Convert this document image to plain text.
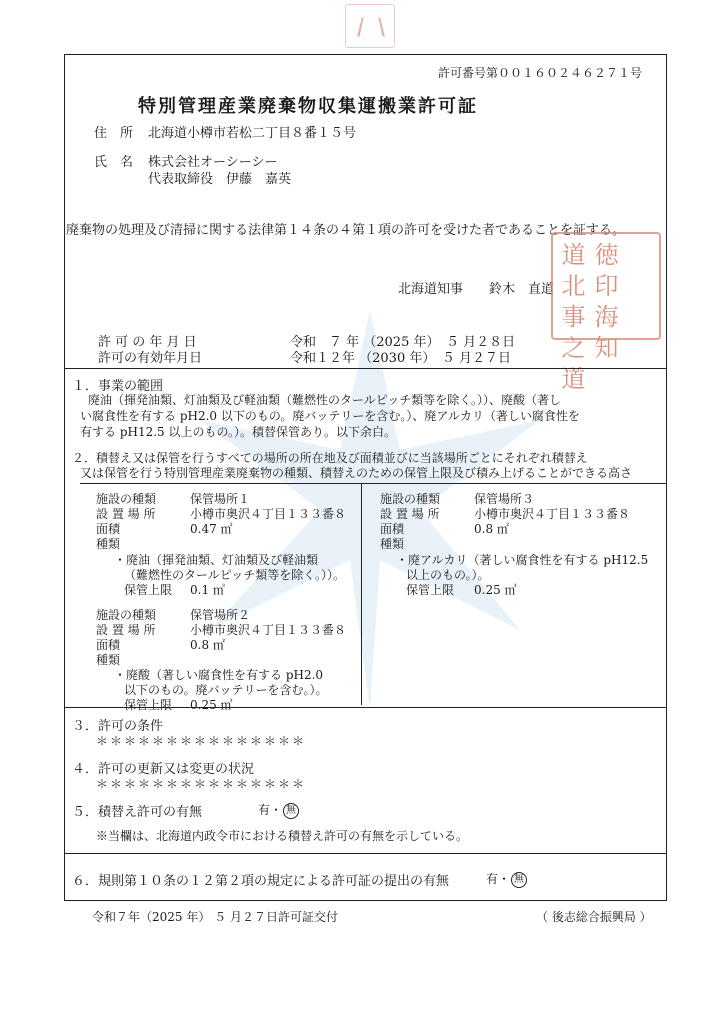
許可番号第００１６０２４６２７１号
特別管理産業廃棄物収集運搬業許可証
住　所 北海道小樽市若松二丁目８番１５号
氏　名 株式会社オーシーシー
代表取締役　伊藤　嘉英
廃棄物の処理及び清掃に関する法律第１４条の４第１項の許可を受けた者であることを証する。
北海道知事　　鈴木　直道
道 徳
北 印
事 海
之 知
道
許 可 の 年 月 日	令和　７ 年 （2025 年）　５ 月２８日
許可の有効年月日	令和１２年 （2030 年）　５ 月２７日
１．事業の範囲
廃油（揮発油類、灯油類及び軽油類（難燃性のタールピッチ類等を除く。））、廃酸（著し
い腐食性を有する pH2.0 以下のもの。廃バッテリーを含む。）、廃アルカリ（著しい腐食性を
有する pH12.5 以上のもの。）。積替保管あり。以下余白。
２．積替え又は保管を行うすべての場所の所在地及び面積並びに当該場所ごとにそれぞれ積替え
又は保管を行う特別管理産業廃棄物の種類、積替えのための保管上限及び積み上げることができる高さ
施設の種類	保管場所１
設 置 場 所	小樽市奥沢４丁目１３３番８
面積	0.47 ㎡
種類
・廃油（揮発油類、灯油類及び軽油類
（難燃性のタールピッチ類等を除く。））。
保管上限 0.1 ㎥
施設の種類	保管場所２
設 置 場 所	小樽市奥沢４丁目１３３番８
面積	0.8 ㎡
種類
・廃酸（著しい腐食性を有する pH2.0
以下のもの。廃バッテリーを含む。）。
保管上限 0.25 ㎥
施設の種類	保管場所３
設 置 場 所	小樽市奥沢４丁目１３３番８
面積	0.8 ㎡
種類
・廃アルカリ（著しい腐食性を有する pH12.5
以上のもの。）。
保管上限 0.25 ㎥
３．許可の条件
＊＊＊＊＊＊＊＊＊＊＊＊＊＊＊
４．許可の更新又は変更の状況
＊＊＊＊＊＊＊＊＊＊＊＊＊＊＊
５．積替え許可の有無	有・ 無
※当欄は、北海道内政令市における積替え許可の有無を示している。
６．規則第１０条の１２第２項の規定による許可証の提出の有無	有・ 無
令和７年（2025 年） ５ 月２７日許可証交付	（ 後志総合振興局 ）
